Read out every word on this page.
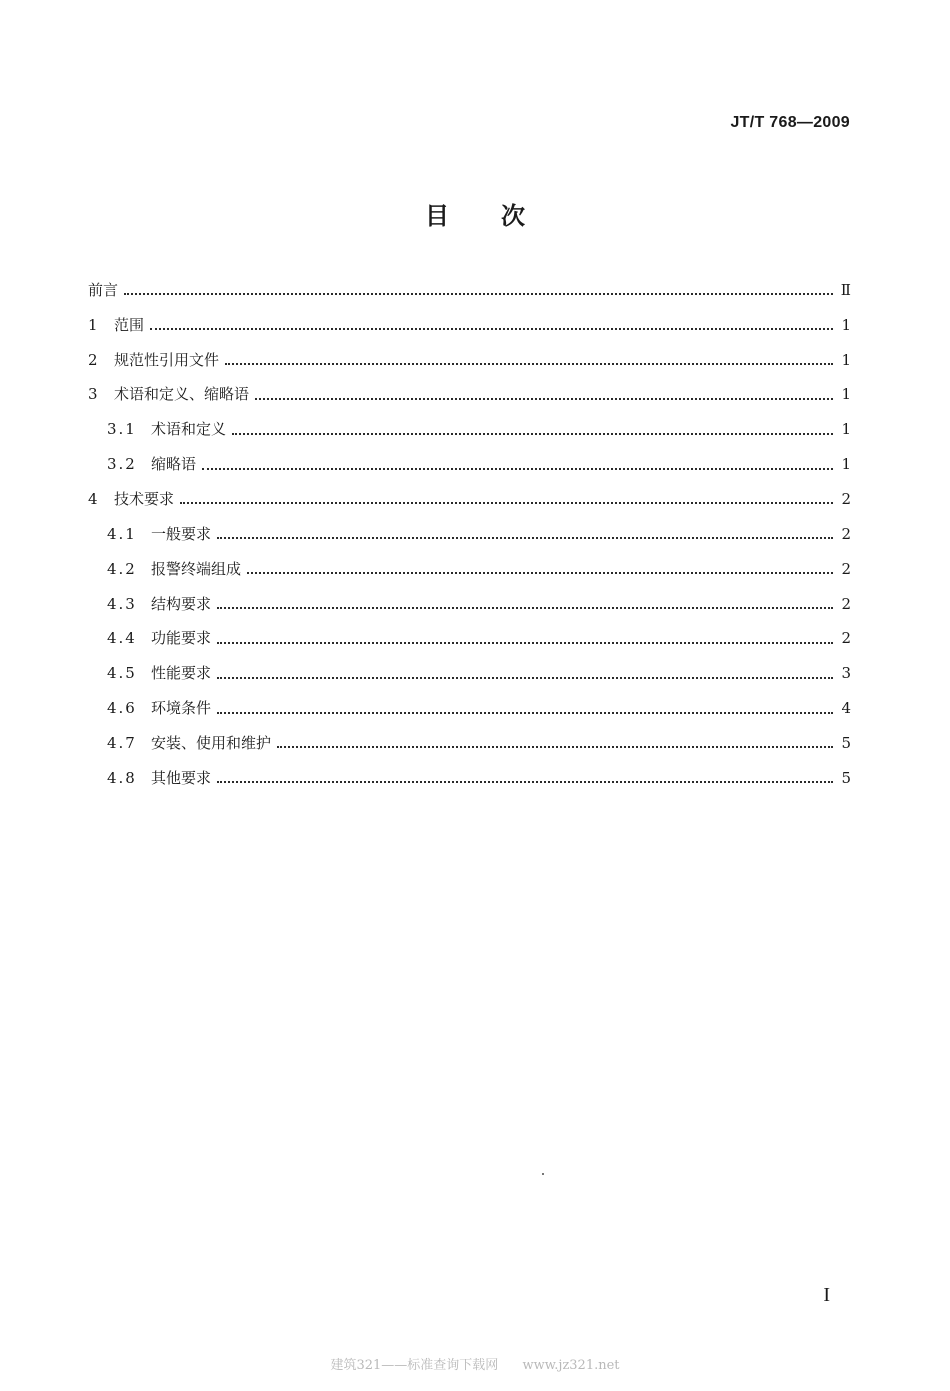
JT/T 768—2009
目 次
前言	Ⅱ
1	范围	1
2	规范性引用文件	1
3	术语和定义、缩略语	1
3.1 术语和定义	1
3.2 缩略语	1
4	技术要求	2
4.1 一般要求	2
4.2 报警终端组成	2
4.3 结构要求	2
4.4 功能要求	2
4.5 性能要求	3
4.6 环境条件	4
4.7 安装、使用和维护	5
4.8 其他要求	5
I
建筑321——标准查询下载网 www.jz321.net
